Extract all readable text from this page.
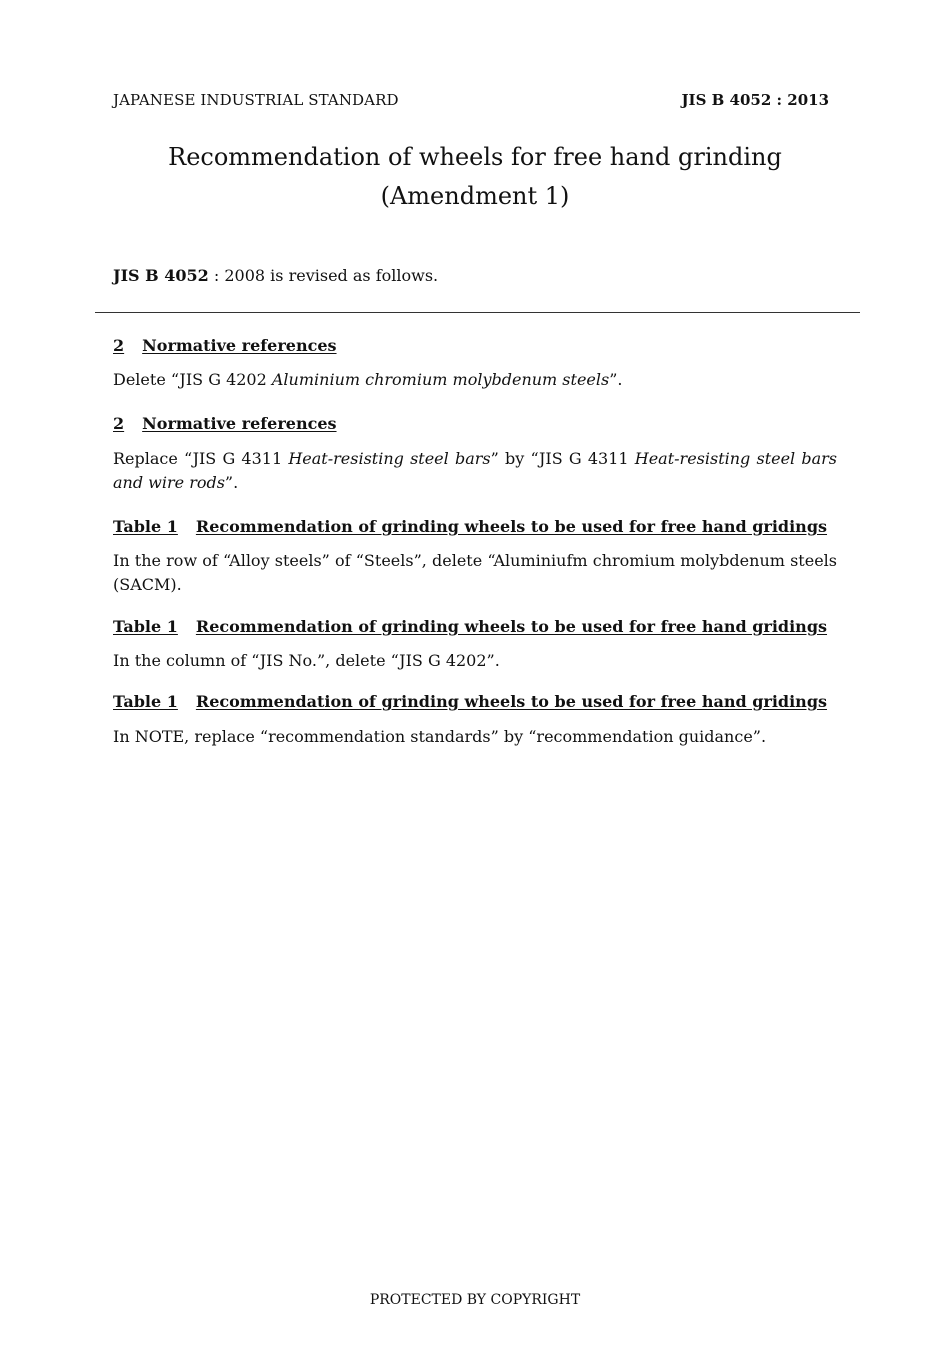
JAPANESE INDUSTRIAL STANDARD	JIS B 4052 : 2013
Recommendation of wheels for free hand grinding
(Amendment 1)
JIS B 4052 : 2008 is revised as follows.
2 Normative references
Delete “JIS G 4202 Aluminium chromium molybdenum steels”.
2 Normative references
Replace “JIS G 4311 Heat-resisting steel bars” by “JIS G 4311 Heat-resisting steel bars and wire rods”.
Table 1 Recommendation of grinding wheels to be used for free hand gridings
In the row of “Alloy steels” of “Steels”, delete “Aluminiufm chromium molybdenum steels (SACM).
Table 1 Recommendation of grinding wheels to be used for free hand gridings
In the column of “JIS No.”, delete “JIS G 4202”.
Table 1 Recommendation of grinding wheels to be used for free hand gridings
In NOTE, replace “recommendation standards” by “recommendation guidance”.
PROTECTED BY COPYRIGHT
